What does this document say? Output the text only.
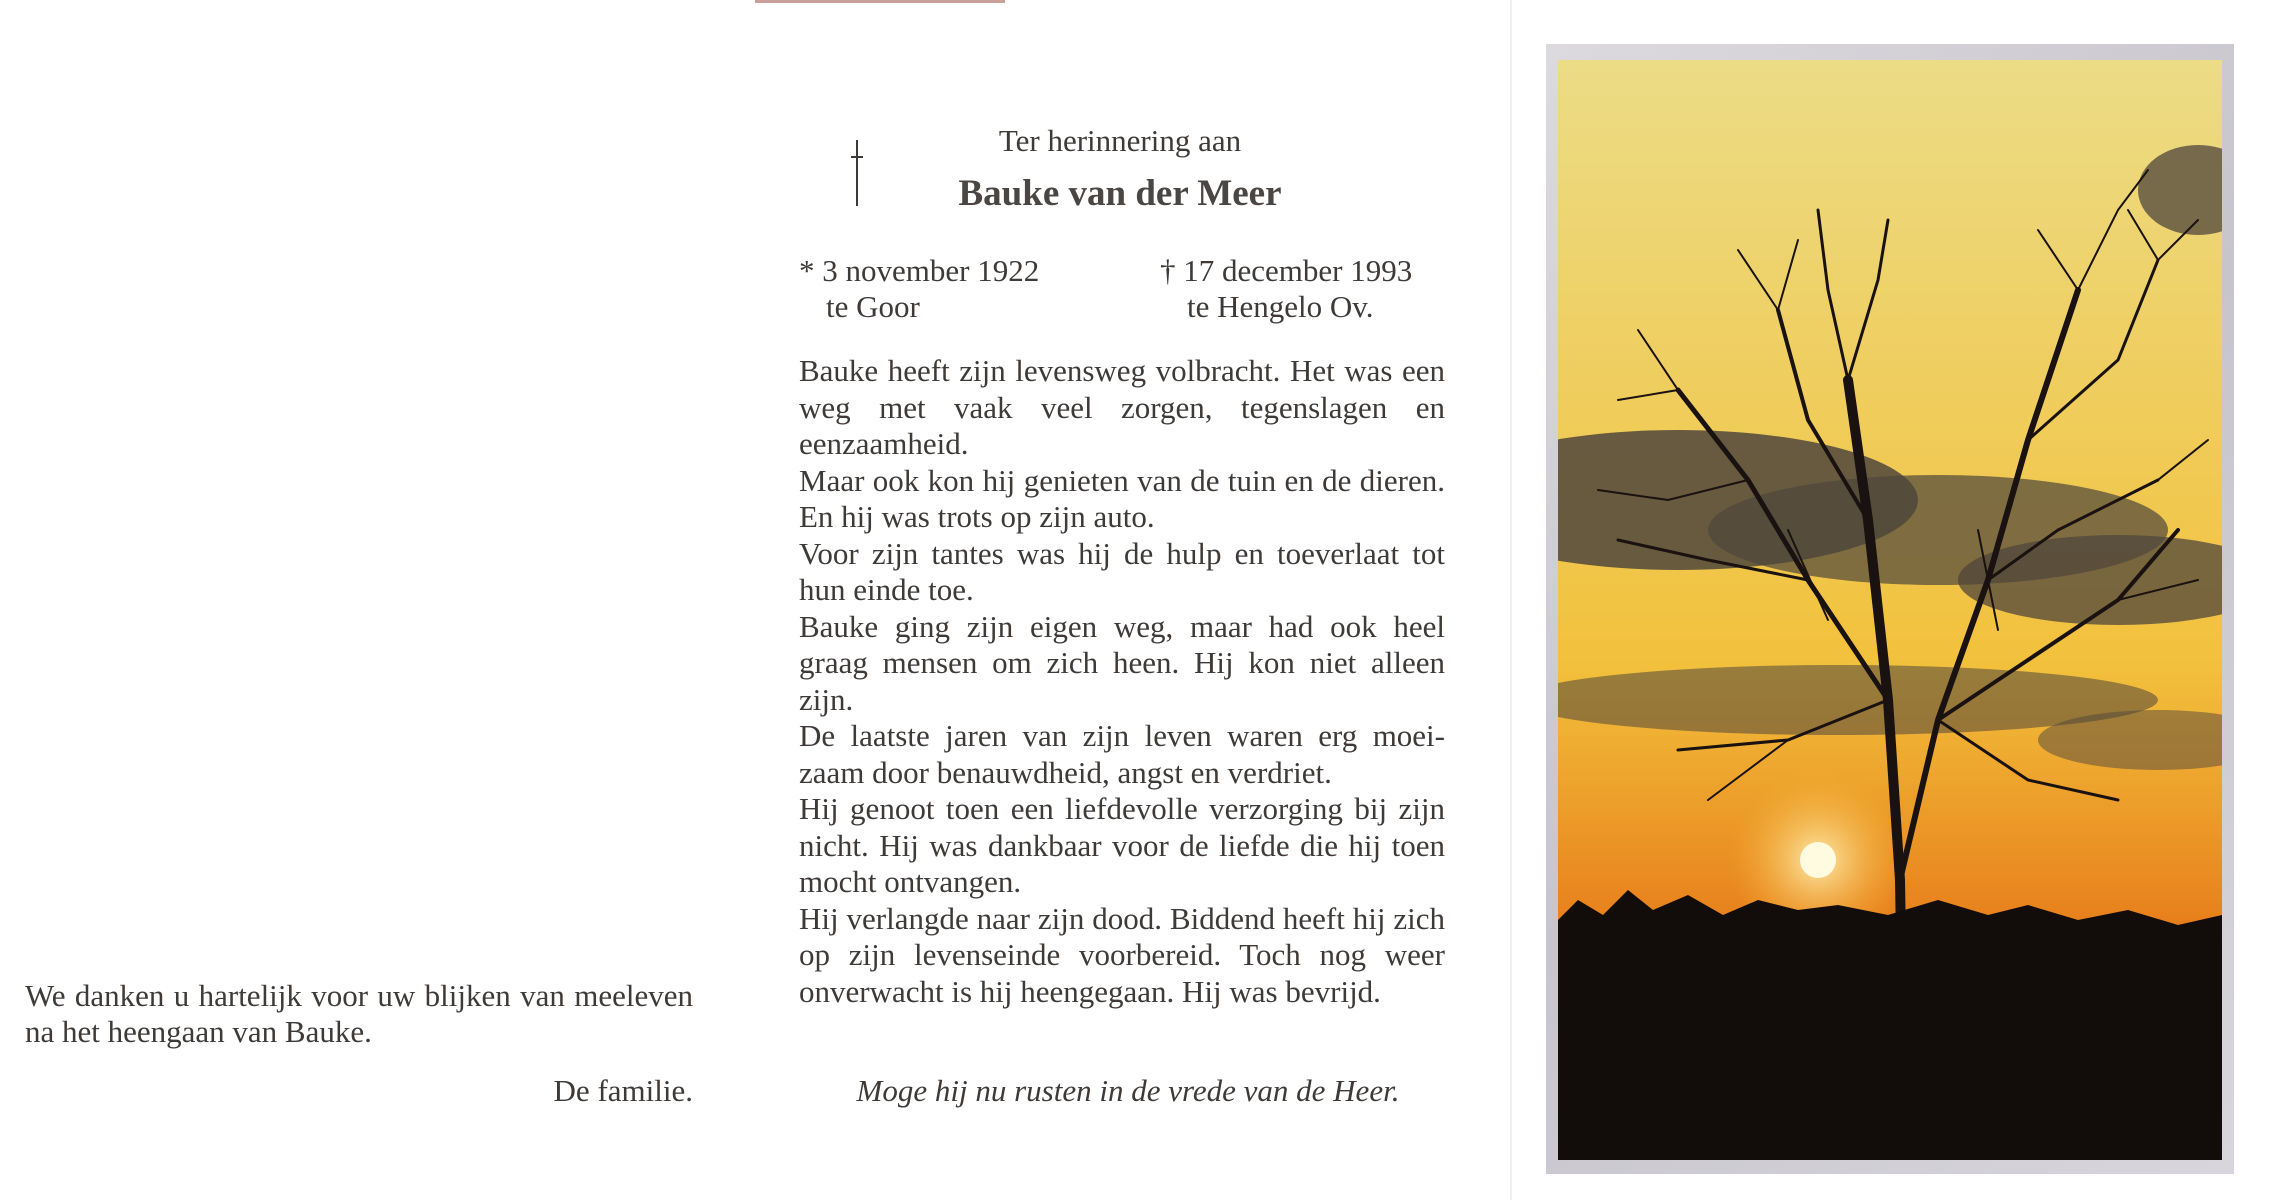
We danken u hartelijk voor uw blijken van meeleven na het heengaan van Bauke.

De familie.
Ter herinnering aan
Bauke van der Meer
* 3 november 1922
te Goor
† 17 december 1993
te Hengelo Ov.

Bauke heeft zijn levensweg volbracht. Het was een weg met vaak veel zorgen, tegenslagen en eenzaamheid.

Maar ook kon hij genieten van de tuin en de dieren. En hij was trots op zijn auto.

Voor zijn tantes was hij de hulp en toeverlaat tot hun einde toe.

Bauke ging zijn eigen weg, maar had ook heel graag mensen om zich heen. Hij kon niet alleen zijn.

De laatste jaren van zijn leven waren erg moei-zaam door benauwdheid, angst en verdriet.

Hij genoot toen een liefdevolle verzorging bij zijn nicht. Hij was dankbaar voor de liefde die hij toen mocht ontvangen.

Hij verlangde naar zijn dood. Biddend heeft hij zich op zijn levenseinde voorbereid. Toch nog weer onverwacht is hij heengegaan. Hij was bevrijd.

Moge hij nu rusten in de vrede van de Heer.
